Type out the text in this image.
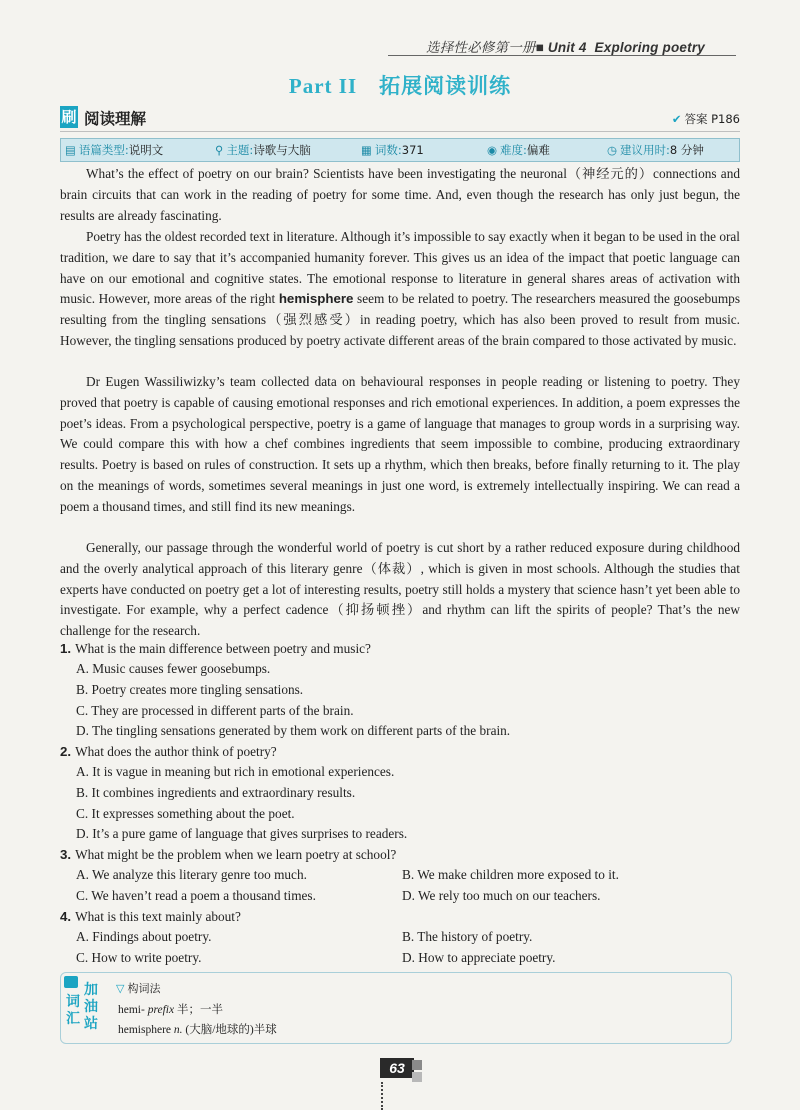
选择性必修第一册■ Unit 4 Exploring poetry
Part II　拓展阅读训练
刷 阅读理解	✔ 答案 P186
▤ 语篇类型:说明文	⚲ 主题:诗歌与大脑	▦ 词数:371	◉ 难度:偏难	◷ 建议用时:8 分钟

What’s the effect of poetry on our brain? Scientists have been investigating the neuronal（神经元的）connections and brain circuits that can work in the reading of poetry for some time. And, even though the research has only just begun, the results are already fascinating.

Poetry has the oldest recorded text in literature. Although it’s impossible to say exactly when it began to be used in the oral tradition, we dare to say that it’s accompanied humanity forever. This gives us an idea of the impact that poetic language can have on our emotional and cognitive states. The emotional response to literature in general shares areas of activation with music. However, more areas of the right hemisphere seem to be related to poetry. The researchers measured the goosebumps resulting from the tingling sensations（强烈感受）in reading poetry, which has also been proved to result from music. However, the tingling sensations produced by poetry activate different areas of the brain compared to those activated by music.

Dr Eugen Wassiliwizky’s team collected data on behavioural responses in people reading or listening to poetry. They proved that poetry is capable of causing emotional responses and rich emotional experiences. In addition, a poem expresses the poet’s ideas. From a psychological perspective, poetry is a game of language that manages to group words in a surprising way. We could compare this with how a chef combines ingredients that seem impossible to combine, producing extraordinary results. Poetry is based on rules of construction. It sets up a rhythm, which then breaks, before finally returning to it. The play on the meanings of words, sometimes several meanings in just one word, is extremely intellectually inspiring. We can read a poem a thousand times, and still find its new meanings.

Generally, our passage through the wonderful world of poetry is cut short by a rather reduced exposure during childhood and the overly analytical approach of this literary genre（体裁）, which is given in most schools. Although the studies that experts have conducted on poetry get a lot of interesting results, poetry still holds a mystery that science hasn’t yet been able to investigate. For example, why a perfect cadence（抑扬顿挫）and rhythm can lift the spirits of people? That’s the new challenge for the research.

1. What is the main difference between poetry and music?
A. Music causes fewer goosebumps.
B. Poetry creates more tingling sensations.
C. They are processed in different parts of the brain.
D. The tingling sensations generated by them work on different parts of the brain.
2. What does the author think of poetry?
A. It is vague in meaning but rich in emotional experiences.
B. It combines ingredients and extraordinary results.
C. It expresses something about the poet.
D. It’s a pure game of language that gives surprises to readers.
3. What might be the problem when we learn poetry at school?
A. We analyze this literary genre too much.	B. We make children more exposed to it.
C. We haven’t read a poem a thousand times.	D. We rely too much on our teachers.
4. What is this text mainly about?
A. Findings about poetry.	B. The history of poetry.
C. How to write poetry.	D. How to appreciate poetry.
词汇
加油站
▽ 构词法
hemi- prefix 半；一半
hemisphere n. (大脑/地球的)半球
63
